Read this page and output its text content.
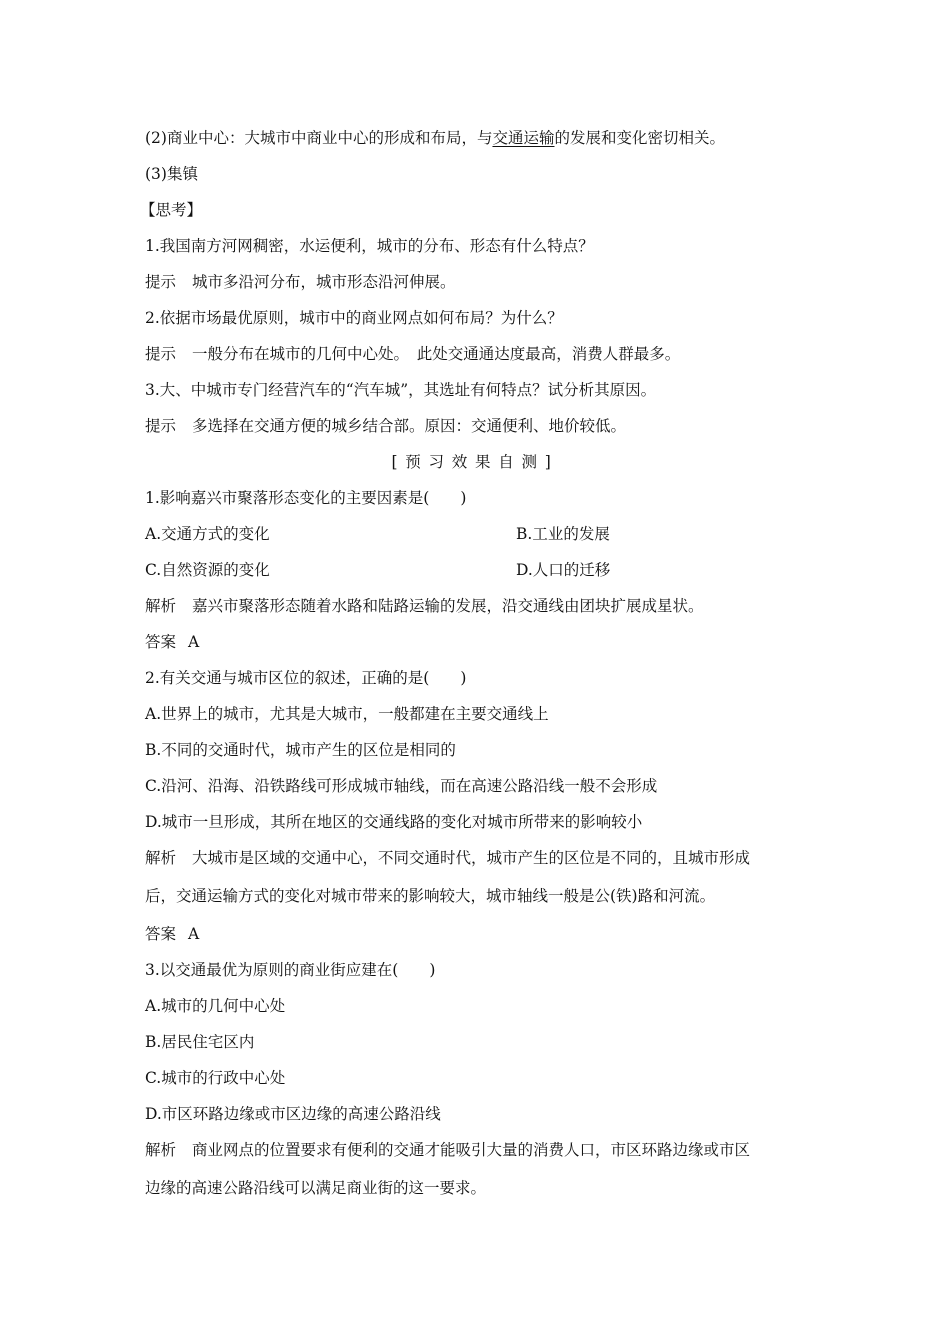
(2)商业中心：大城市中商业中心的形成和布局，与交通运输的发展和变化密切相关。
(3)集镇
【思考】
1.我国南方河网稠密，水运便利，城市的分布、形态有什么特点？
提示 城市多沿河分布，城市形态沿河伸展。
2.依据市场最优原则，城市中的商业网点如何布局？为什么？
提示 一般分布在城市的几何中心处。　此处交通通达度最高，消费人群最多。
3.大、中城市专门经营汽车的“汽车城”，其选址有何特点？试分析其原因。
提示 多选择在交通方便的城乡结合部。原因：交通便利、地价较低。
[预习效果自测]
1.影响嘉兴市聚落形态变化的主要因素是(　　)
A.交通方式的变化	B.工业的发展
C.自然资源的变化	D.人口的迁移
解析 嘉兴市聚落形态随着水路和陆路运输的发展，沿交通线由团块扩展成星状。
答案 A
2.有关交通与城市区位的叙述，正确的是(　　)
A.世界上的城市，尤其是大城市，一般都建在主要交通线上
B.不同的交通时代，城市产生的区位是相同的
C.沿河、沿海、沿铁路线可形成城市轴线，而在高速公路沿线一般不会形成
D.城市一旦形成，其所在地区的交通线路的变化对城市所带来的影响较小
解析 大城市是区域的交通中心，不同交通时代，城市产生的区位是不同的，且城市形成
后，交通运输方式的变化对城市带来的影响较大，城市轴线一般是公(铁)路和河流。
答案 A
3.以交通最优为原则的商业街应建在(　　)
A.城市的几何中心处
B.居民住宅区内
C.城市的行政中心处
D.市区环路边缘或市区边缘的高速公路沿线
解析 商业网点的位置要求有便利的交通才能吸引大量的消费人口，市区环路边缘或市区
边缘的高速公路沿线可以满足商业街的这一要求。
